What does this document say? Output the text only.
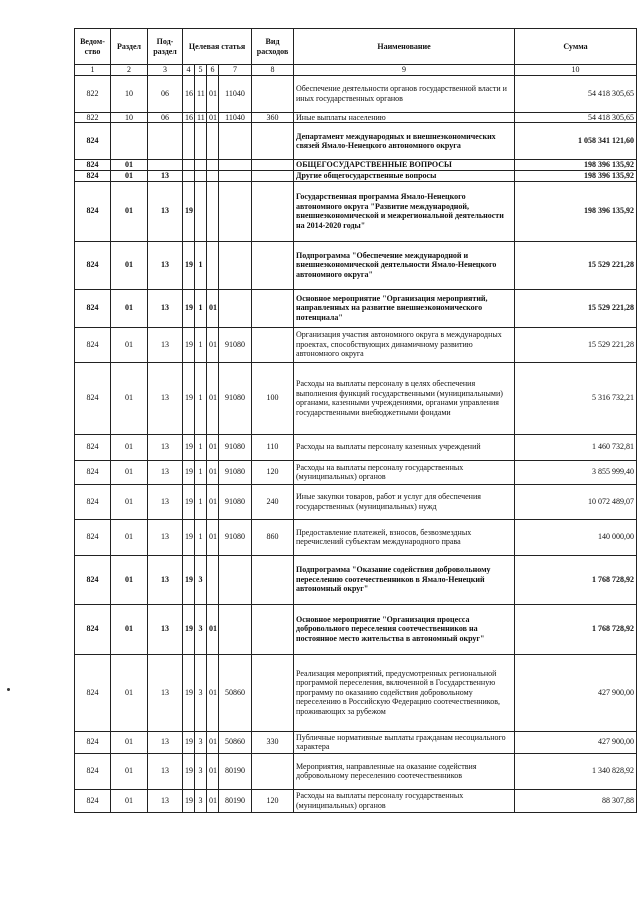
Ведом-ство	Раздел	Под-раздел	Целевая статья				Вид расходов	Наименование	Сумма
1	2	3	4	5	6	7	8	9	10
822	10	06	16	11	01	11040		Обеспечение деятельности органов государственной власти и иных государственных органов	54 418 305,65
822	10	06	16	11	01	11040	360	Иные выплаты населению	54 418 305,65
824								Департамент международных и внешнеэкономических связей Ямало-Ненецкого автономного округа	1 058 341 121,60
824	01							ОБЩЕГОСУДАРСТВЕННЫЕ ВОПРОСЫ	198 396 135,92
824	01	13						Другие общегосударственные вопросы	198 396 135,92
824	01	13	19					Государственная программа Ямало-Ненецкого автономного округа "Развитие международной, внешнеэкономической и межрегиональной деятельности на 2014-2020 годы"	198 396 135,92
824	01	13	19	1				Подпрограмма "Обеспечение международной и внешнеэкономической деятельности Ямало-Ненецкого автономного округа"	15 529 221,28
824	01	13	19	1	01			Основное мероприятие "Организация мероприятий, направленных на развитие внешнеэкономического потенциала"	15 529 221,28
824	01	13	19	1	01	91080		Организация участия автономного округа в международных проектах, способствующих динамичному развитию автономного округа	15 529 221,28
824	01	13	19	1	01	91080	100	Расходы на выплаты персоналу в целях обеспечения выполнения функций государственными (муниципальными) органами, казенными учреждениями, органами управления государственными внебюджетными фондами	5 316 732,21
824	01	13	19	1	01	91080	110	Расходы на выплаты персоналу казенных учреждений	1 460 732,81
824	01	13	19	1	01	91080	120	Расходы на выплаты персоналу государственных (муниципальных) органов	3 855 999,40
824	01	13	19	1	01	91080	240	Иные закупки товаров, работ и услуг для обеспечения государственных (муниципальных) нужд	10 072 489,07
824	01	13	19	1	01	91080	860	Предоставление платежей, взносов, безвозмездных перечислений субъектам международного права	140 000,00
824	01	13	19	3				Подпрограмма "Оказание содействия добровольному переселению соотечественников в Ямало-Ненецкий автономный округ"	1 768 728,92
824	01	13	19	3	01			Основное мероприятие "Организация процесса добровольного переселения соотечественников на постоянное место жительства в автономный округ"	1 768 728,92
824	01	13	19	3	01	50860		Реализация мероприятий, предусмотренных региональной программой переселения, включенной в Государственную программу по оказанию содействия добровольному переселению в Российскую Федерацию соотечественников, проживающих за рубежом	427 900,00
824	01	13	19	3	01	50860	330	Публичные нормативные выплаты гражданам несоциального характера	427 900,00
824	01	13	19	3	01	80190		Мероприятия, направленные на оказание содействия добровольному переселению соотечественников	1 340 828,92
824	01	13	19	3	01	80190	120	Расходы на выплаты персоналу государственных (муниципальных) органов	88 307,88
